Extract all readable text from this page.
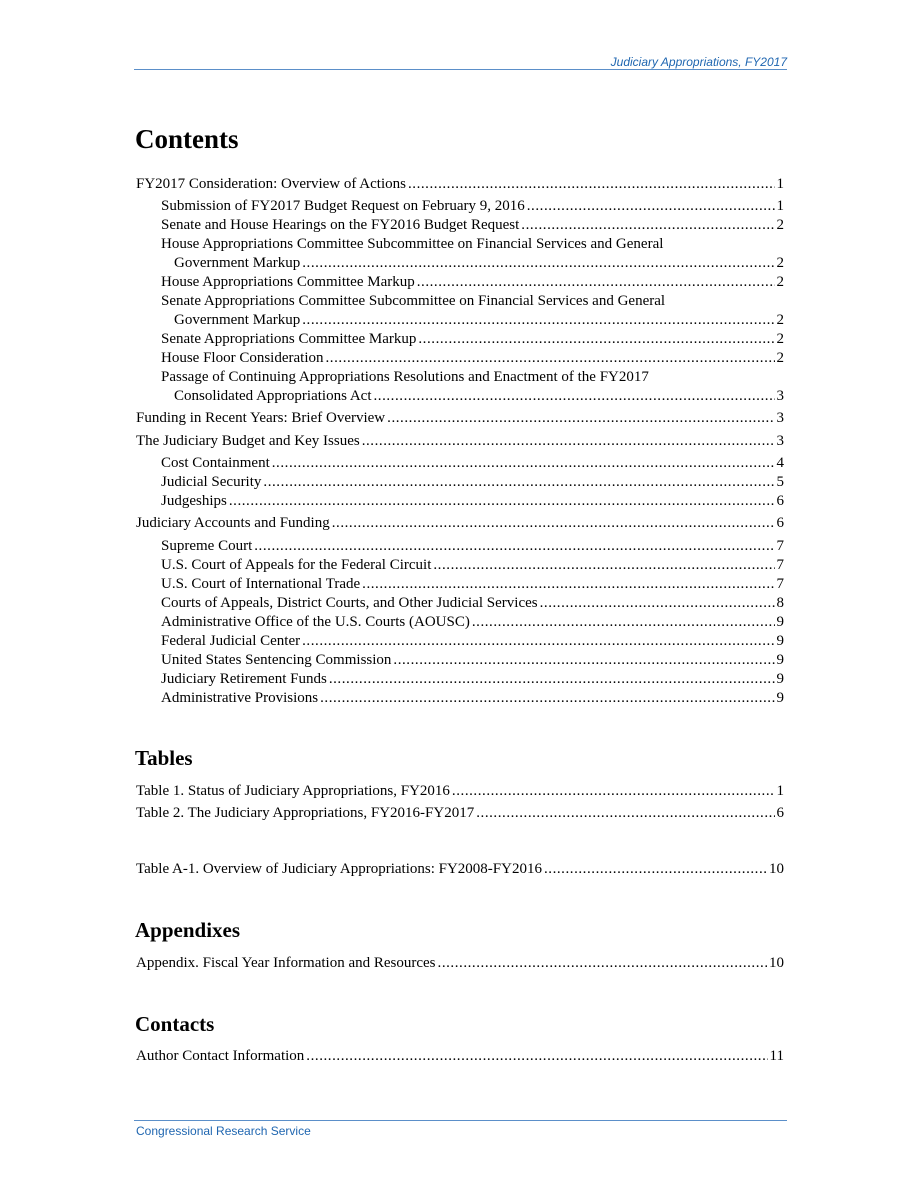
Judiciary Appropriations, FY2017
Contents
FY2017 Consideration: Overview of Actions . . .	1
Submission of FY2017 Budget Request on February 9, 2016 . . .	1
Senate and House Hearings on the FY2016 Budget Request . . .	2
House Appropriations Committee Subcommittee on Financial Services and General
Government Markup . . .	2
House Appropriations Committee Markup . . .	2
Senate Appropriations Committee Subcommittee on Financial Services and General
Government Markup . . .	2
Senate Appropriations Committee Markup . . .	2
House Floor Consideration . . .	2
Passage of Continuing Appropriations Resolutions and Enactment of the FY2017
Consolidated Appropriations Act . . .	3
Funding in Recent Years: Brief Overview . . .	3
The Judiciary Budget and Key Issues . . .	3
Cost Containment . . .	4
Judicial Security . . .	5
Judgeships . . .	6
Judiciary Accounts and Funding . . .	6
Supreme Court . . .	7
U.S. Court of Appeals for the Federal Circuit . . .	7
U.S. Court of International Trade . . .	7
Courts of Appeals, District Courts, and Other Judicial Services . . .	8
Administrative Office of the U.S. Courts (AOUSC) . . .	9
Federal Judicial Center . . .	9
United States Sentencing Commission . . .	9
Judiciary Retirement Funds . . .	9
Administrative Provisions . . .	9
Tables
Table 1. Status of Judiciary Appropriations, FY2016 . . .	1
Table 2. The Judiciary Appropriations, FY2016-FY2017 . . .	6
Table A-1. Overview of Judiciary Appropriations: FY2008-FY2016 . . .	10
Appendixes
Appendix. Fiscal Year Information and Resources . . .	10
Contacts
Author Contact Information . . .	11
Congressional Research Service
